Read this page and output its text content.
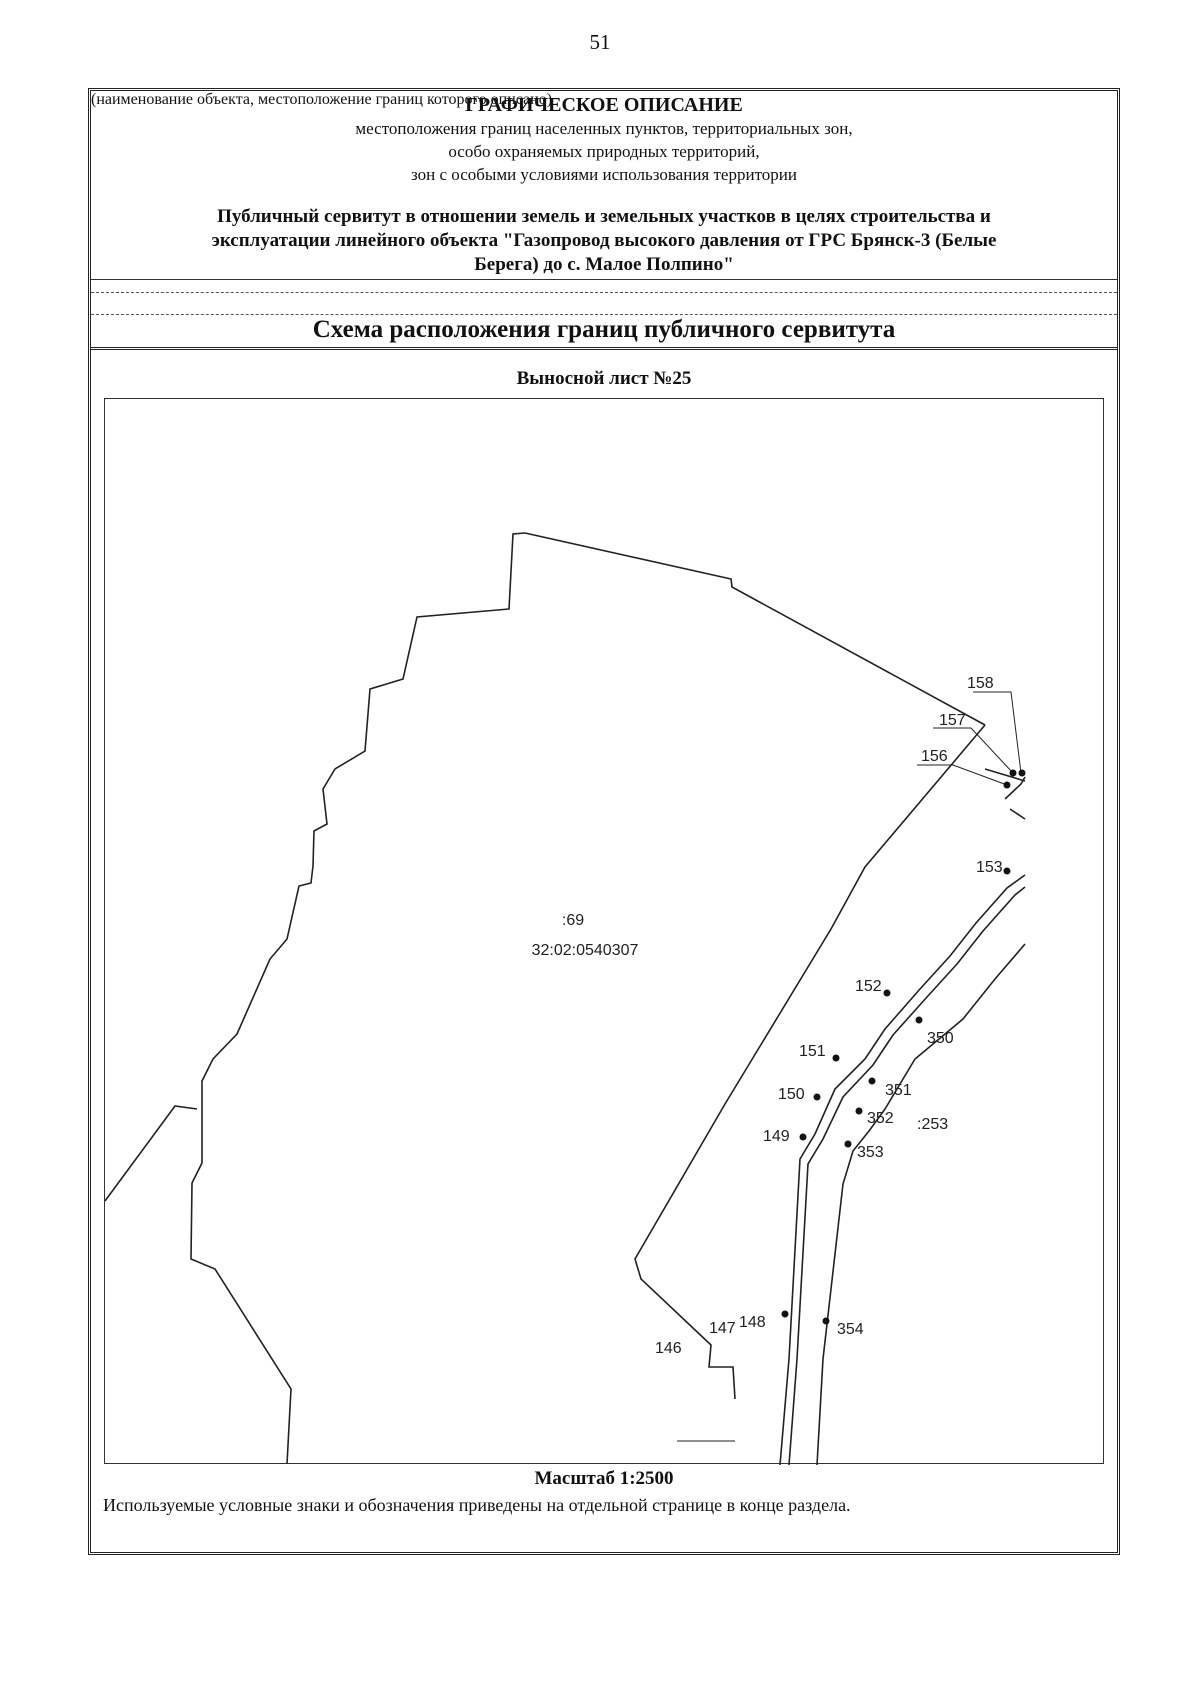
51
ГРАФИЧЕСКОЕ ОПИСАНИЕ
местоположения границ населенных пунктов, территориальных зон,
особо охраняемых природных территорий,
зон с особыми условиями использования территории
Публичный сервитут в отношении земель и земельных участков в целях строительства и
эксплуатации линейного объекта "Газопровод высокого давления от ГРС Брянск-3 (Белые
Берега) до с. Малое Полпино"
(наименование объекта, местоположение границ которого описано)
Схема расположения границ публичного сервитута
Выносной лист №25
Масштаб 1:2500
Используемые условные знаки и обозначения приведены на отдельной странице в конце раздела.
158
157
156
153
152
151
150
149
148
147
146
350
351
352
353
354
:69
32:02:0540307
:253
